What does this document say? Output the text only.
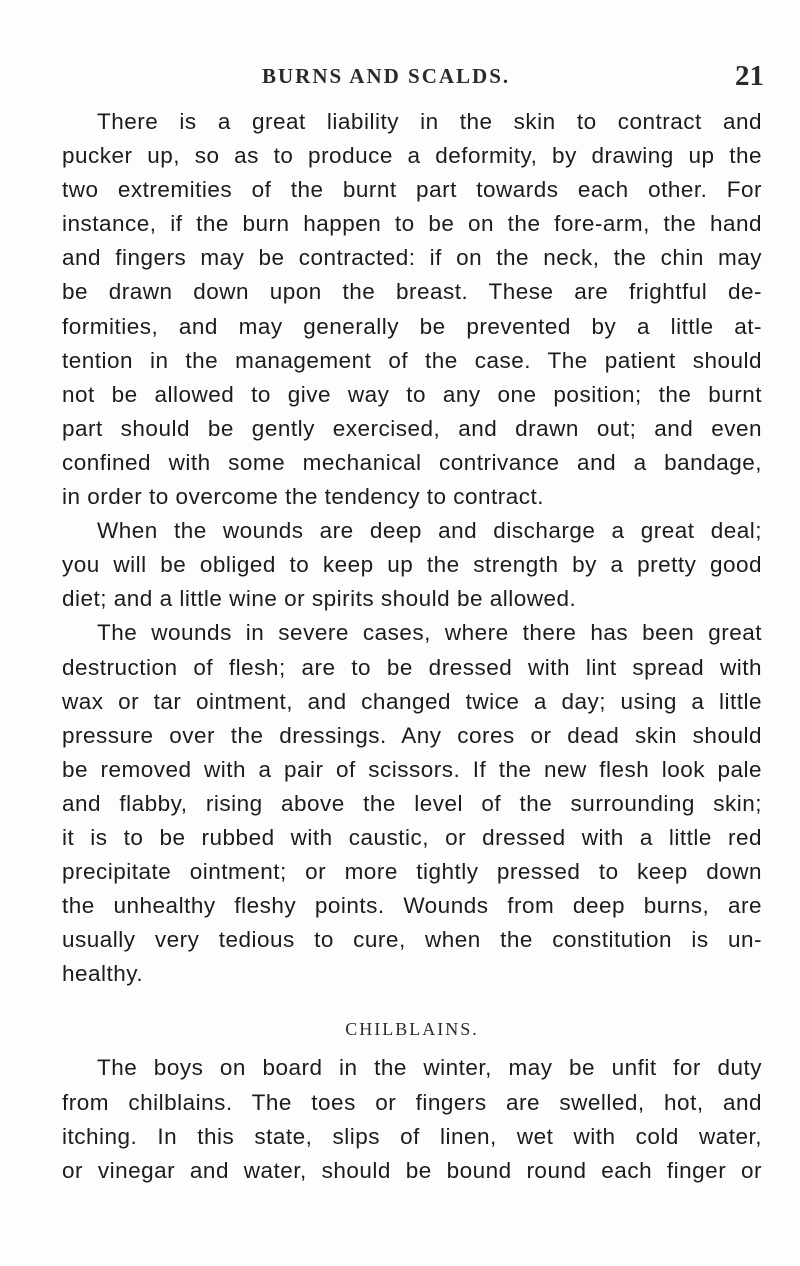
BURNS AND SCALDS.	21
There is a great liability in the skin to contract and
pucker up, so as to produce a deformity, by drawing up the
two extremities of the burnt part towards each other. For
instance, if the burn happen to be on the fore-arm, the hand
and fingers may be contracted: if on the neck, the chin may
be drawn down upon the breast. These are frightful de-
formities, and may generally be prevented by a little at-
tention in the management of the case. The patient should
not be allowed to give way to any one position; the burnt
part should be gently exercised, and drawn out; and even
confined with some mechanical contrivance and a bandage,
in order to overcome the tendency to contract.
When the wounds are deep and discharge a great deal;
you will be obliged to keep up the strength by a pretty good
diet; and a little wine or spirits should be allowed.
The wounds in severe cases, where there has been great
destruction of flesh; are to be dressed with lint spread with
wax or tar ointment, and changed twice a day; using a little
pressure over the dressings. Any cores or dead skin should
be removed with a pair of scissors. If the new flesh look pale
and flabby, rising above the level of the surrounding skin;
it is to be rubbed with caustic, or dressed with a little red
precipitate ointment; or more tightly pressed to keep down
the unhealthy fleshy points. Wounds from deep burns, are
usually very tedious to cure, when the constitution is un-
healthy.
CHILBLAINS.
The boys on board in the winter, may be unfit for duty
from chilblains. The toes or fingers are swelled, hot, and
itching. In this state, slips of linen, wet with cold water,
or vinegar and water, should be bound round each finger or
